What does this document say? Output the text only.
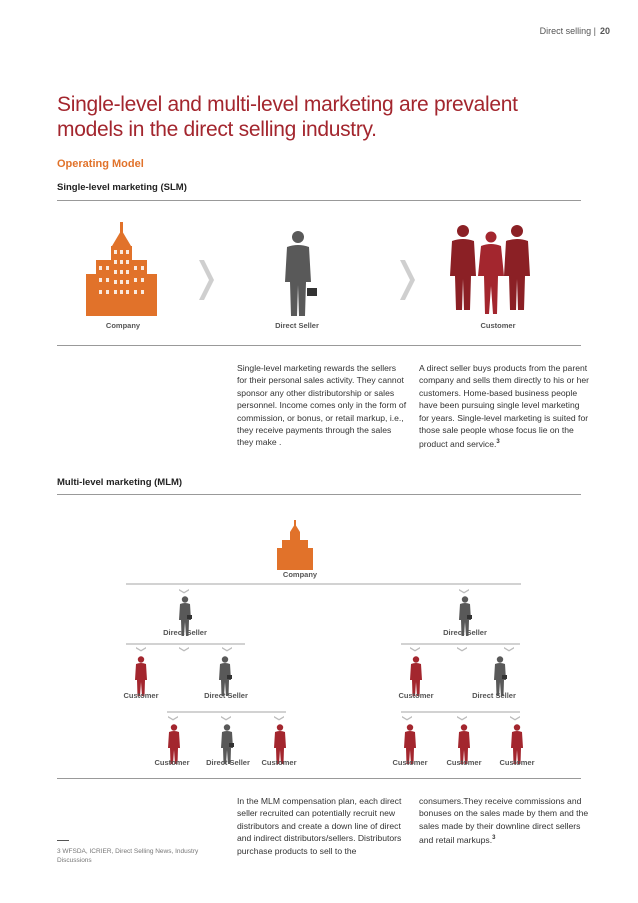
Direct selling | 20
Single-level and multi-level marketing are prevalent models in the direct selling industry.
Operating Model
Single-level marketing (SLM)
Company	Direct Seller	Customer
Single-level marketing rewards the sellers for their personal sales activity. They cannot sponsor any other distributorship or sales personnel. Income comes only in the form of commission, or bonus, or retail markup, i.e., they receive payments through the sales they make .
A direct seller buys products from the parent company and sells them directly to his or her customers. Home-based business people have been pursuing single level marketing for years. Single-level marketing is suited for those sale people whose focus lie on the product and service.$^3$
Multi-level marketing (MLM)
Company
Direct Seller	Direct Seller
Customer	Direct Seller	Customer	Direct Seller
Customer	Direct Seller	Customer	Customer	Customer	Customer
In the MLM compensation plan, each direct seller recruited can potentially recruit new distributors and create a down line of direct and indirect distributors/sellers. Distributors purchase products to sell to the
consumers.They receive commissions and bonuses on the sales made by them and the sales made by their downline direct sellers and retail markups.$^3$
3 WFSDA, ICRIER, Direct Selling News, Industry Discussions
